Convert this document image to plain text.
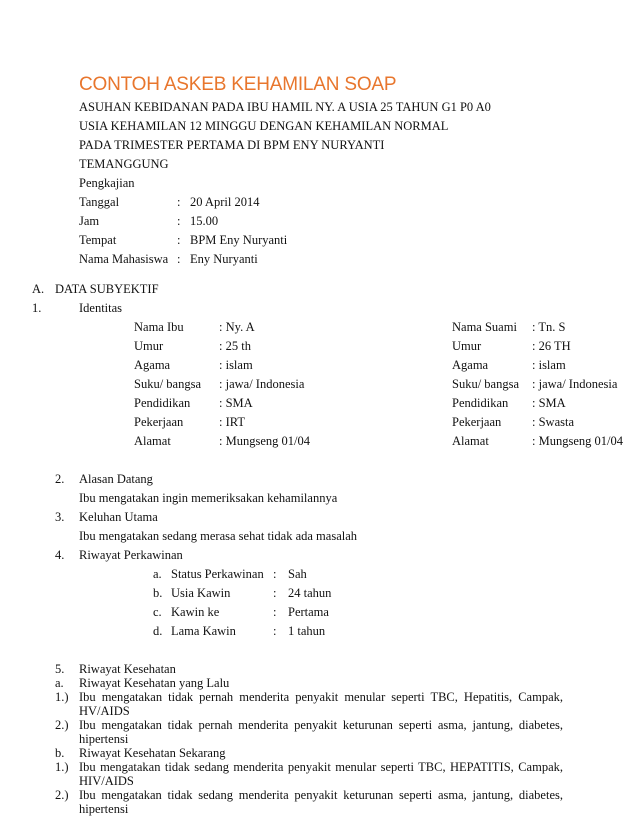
CONTOH ASKEB KEHAMILAN SOAP
ASUHAN KEBIDANAN PADA IBU HAMIL NY. A USIA 25 TAHUN G1 P0 A0
USIA KEHAMILAN 12 MINGGU DENGAN KEHAMILAN NORMAL
PADA TRIMESTER PERTAMA DI BPM ENY NURYANTI
TEMANGGUNG
Pengkajian
Tanggal	: 20 April 2014
Jam	: 15.00
Tempat	: BPM Eny Nuryanti
Nama Mahasiswa : Eny Nuryanti
A. DATA SUBYEKTIF
1.	Identitas
Nama Ibu	: Ny. A
Umur	: 25 th
Agama	: islam
Suku/ bangsa : jawa/ Indonesia
Pendidikan : SMA
Pekerjaan	: IRT
Alamat	: Mungseng 01/04
Nama Suami : Tn. S
Umur	: 26 TH
Agama	: islam
Suku/ bangsa : jawa/ Indonesia
Pendidikan : SMA
Pekerjaan : Swasta
Alamat	: Mungseng 01/04
2. Alasan Datang
Ibu mengatakan ingin memeriksakan kehamilannya
3. Keluhan Utama
Ibu mengatakan sedang merasa sehat tidak ada masalah
4. Riwayat Perkawinan
a. Status Perkawinan : Sah
b. Usia Kawin	: 24 tahun
c. Kawin ke	: Pertama
d. Lama Kawin	: 1 tahun
5. Riwayat Kesehatan
a. Riwayat Kesehatan yang Lalu
1.) Ibu mengatakan tidak pernah menderita penyakit menular seperti TBC, Hepatitis, Campak,
HV/AIDS
2.) Ibu mengatakan tidak pernah menderita penyakit keturunan seperti asma, jantung, diabetes,
hipertensi
b. Riwayat Kesehatan Sekarang
1.) Ibu mengatakan tidak sedang menderita penyakit menular seperti TBC, HEPATITIS, Campak,
HIV/AIDS
2.) Ibu mengatakan tidak sedang menderita penyakit keturunan seperti asma, jantung, diabetes,
hipertensi
